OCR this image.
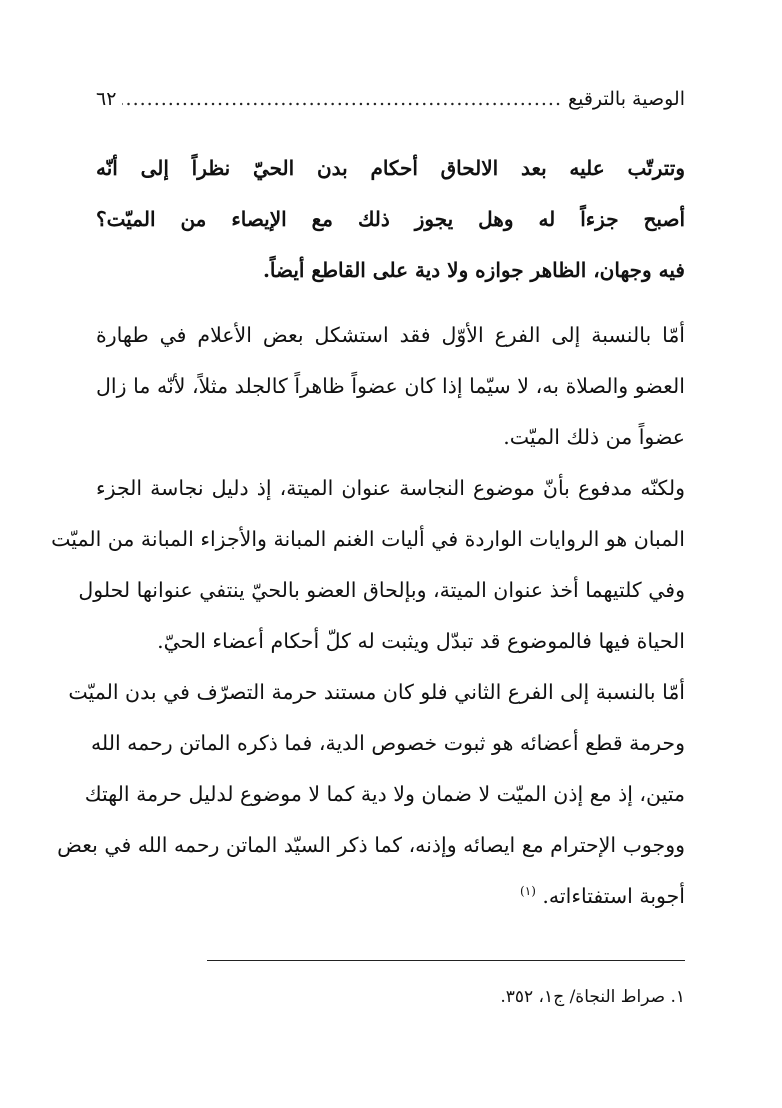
الوصية بالترقيع
.....
٦٢
وتترتّب عليه بعد الالحاق أحكام بدن الحيّ نظراً إلى أنّه
أصبح جزءاً له وهل يجوز ذلك مع الإيصاء من الميّت؟
فيه وجهان، الظاهر جوازه ولا دية على القاطع أيضاً.
أمّا بالنسبة إلى الفرع الأوّل فقد استشكل بعض الأعلام في طهارة
العضو والصلاة به، لا سيّما إذا كان عضواً ظاهراً كالجلد مثلاً، لأنّه ما زال
عضواً من ذلك الميّت.
ولكنّه مدفوع بأنّ موضوع النجاسة عنوان الميتة، إذ دليل نجاسة الجزء
المبان هو الروايات الواردة في أليات الغنم المبانة والأجزاء المبانة من الميّت
وفي كلتيهما أخذ عنوان الميتة، وبإلحاق العضو بالحيّ ينتفي عنوانها لحلول
الحياة فيها فالموضوع قد تبدّل ويثبت له كلّ أحكام أعضاء الحيّ.
أمّا بالنسبة إلى الفرع الثاني فلو كان مستند حرمة التصرّف في بدن الميّت
وحرمة قطع أعضائه هو ثبوت خصوص الدية، فما ذكره الماتن رحمه الله
متين، إذ مع إذن الميّت لا ضمان ولا دية كما لا موضوع لدليل حرمة الهتك
ووجوب الإحترام مع ايصائه وإذنه، كما ذكر السيّد الماتن رحمه الله في بعض
أجوبة استفتاءاته. $^{(١)}$
١. صراط النجاة/ ج١، ٣٥٢.
